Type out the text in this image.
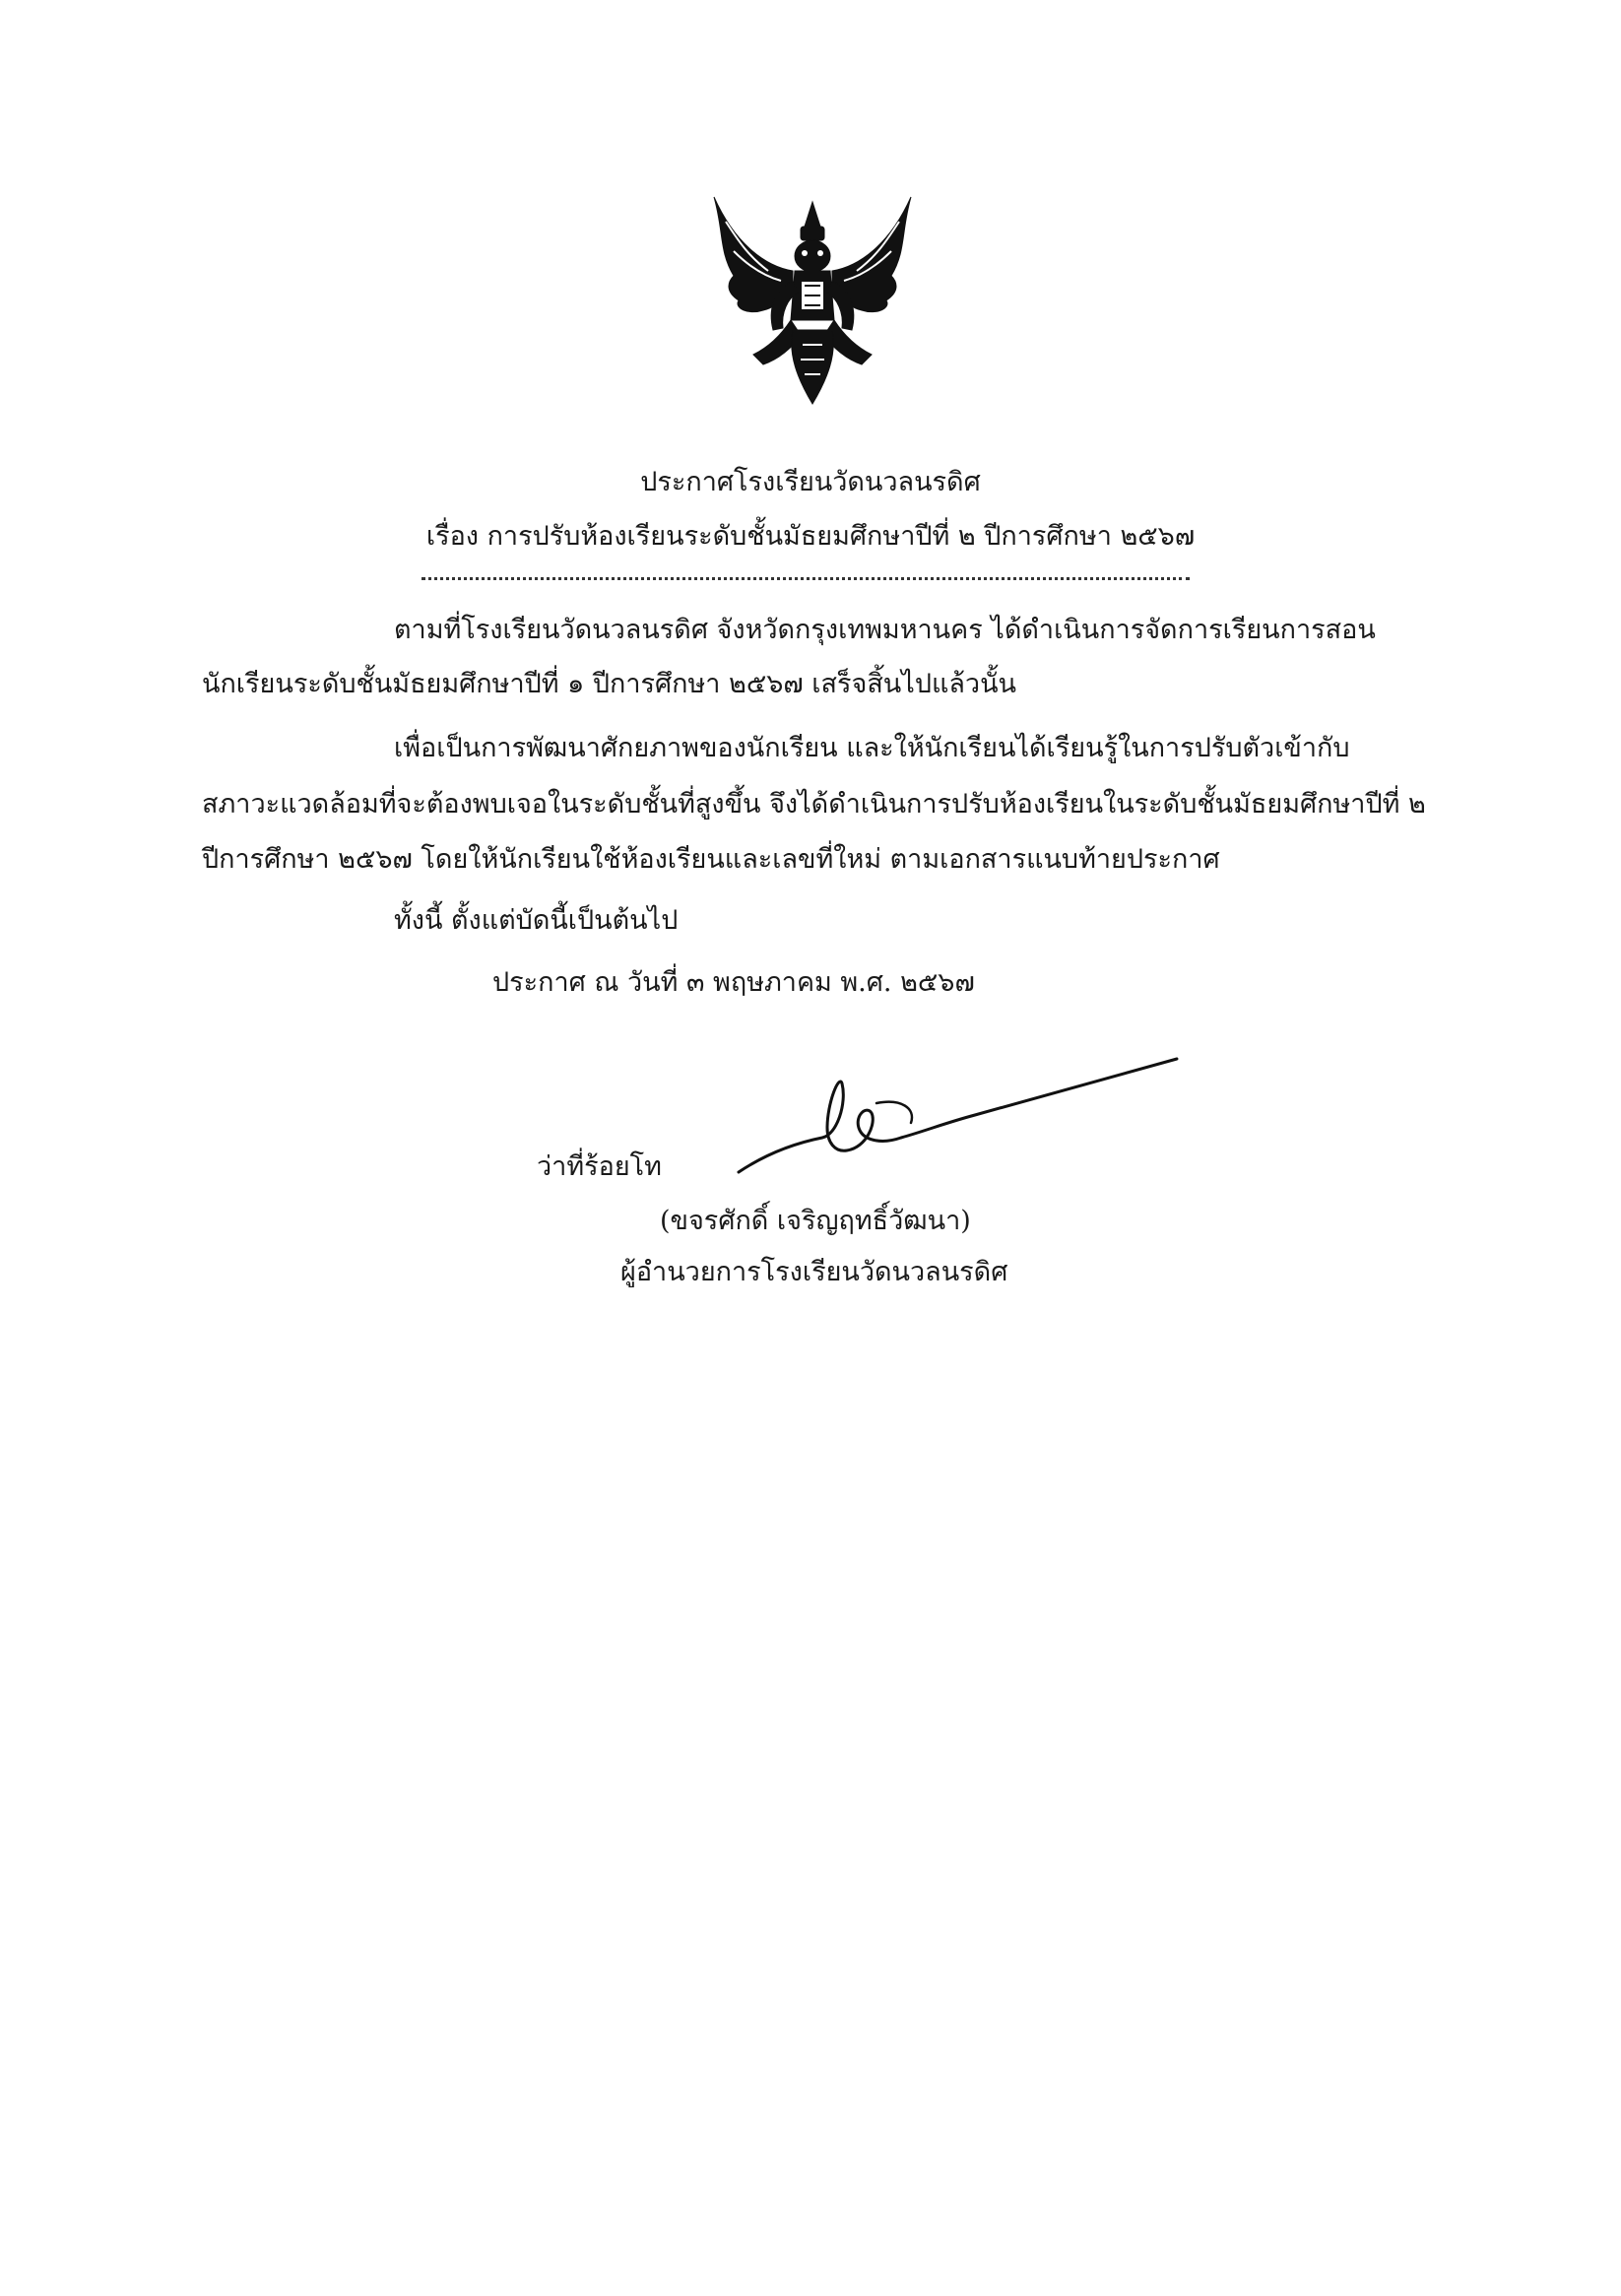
ประกาศโรงเรียนวัดนวลนรดิศ
เรื่อง การปรับห้องเรียนระดับชั้นมัธยมศึกษาปีที่ ๒ ปีการศึกษา ๒๕๖๗
ตามที่โรงเรียนวัดนวลนรดิศ จังหวัดกรุงเทพมหานคร ได้ดำเนินการจัดการเรียนการสอน
นักเรียนระดับชั้นมัธยมศึกษาปีที่ ๑ ปีการศึกษา ๒๕๖๗ เสร็จสิ้นไปแล้วนั้น
เพื่อเป็นการพัฒนาศักยภาพของนักเรียน และให้นักเรียนได้เรียนรู้ในการปรับตัวเข้ากับ
สภาวะแวดล้อมที่จะต้องพบเจอในระดับชั้นที่สูงขึ้น จึงได้ดำเนินการปรับห้องเรียนในระดับชั้นมัธยมศึกษาปีที่ ๒
ปีการศึกษา ๒๕๖๗ โดยให้นักเรียนใช้ห้องเรียนและเลขที่ใหม่ ตามเอกสารแนบท้ายประกาศ
ทั้งนี้ ตั้งแต่บัดนี้เป็นต้นไป
ประกาศ ณ วันที่ ๓ พฤษภาคม พ.ศ. ๒๕๖๗
ว่าที่ร้อยโท
(ขจรศักดิ์ เจริญฤทธิ์วัฒนา)
ผู้อำนวยการโรงเรียนวัดนวลนรดิศ
